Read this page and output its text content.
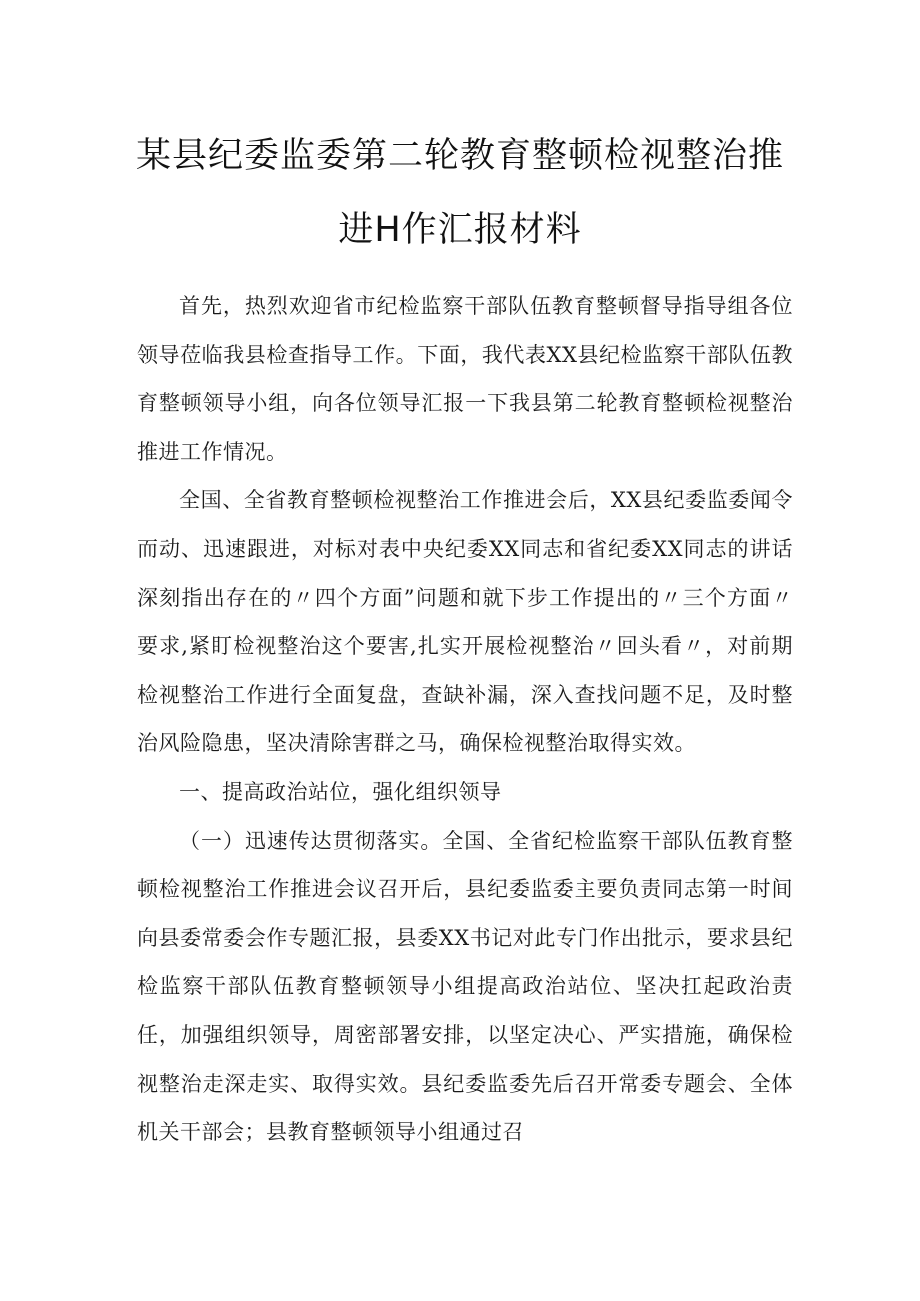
某县纪委监委第二轮教育整顿检视整治推
进H作汇报材料

首先，热烈欢迎省市纪检监察干部队伍教育整顿督导指导组各位领导莅临我县检查指导工作。下面，我代表XX县纪检监察干部队伍教育整顿领导小组，向各位领导汇报一下我县第二轮教育整顿检视整治推进工作情况。

全国、全省教育整顿检视整治工作推进会后，XX县纪委监委闻令而动、迅速跟进，对标对表中央纪委XX同志和省纪委XX同志的讲话深刻指出存在的〃四个方面”问题和就下步工作提出的〃三个方面〃要求,紧盯检视整治这个要害,扎实开展检视整治〃回头看〃，对前期检视整治工作进行全面复盘，查缺补漏，深入查找问题不足，及时整治风险隐患，坚决清除害群之马，确保检视整治取得实效。

一、提高政治站位，强化组织领导

（一）迅速传达贯彻落实。全国、全省纪检监察干部队伍教育整顿检视整治工作推进会议召开后，县纪委监委主要负责同志第一时间向县委常委会作专题汇报，县委XX书记对此专门作出批示，要求县纪检监察干部队伍教育整顿领导小组提高政治站位、坚决扛起政治责任，加强组织领导，周密部署安排，以坚定决心、严实措施，确保检视整治走深走实、取得实效。县纪委监委先后召开常委专题会、全体机关干部会；县教育整顿领导小组通过召
